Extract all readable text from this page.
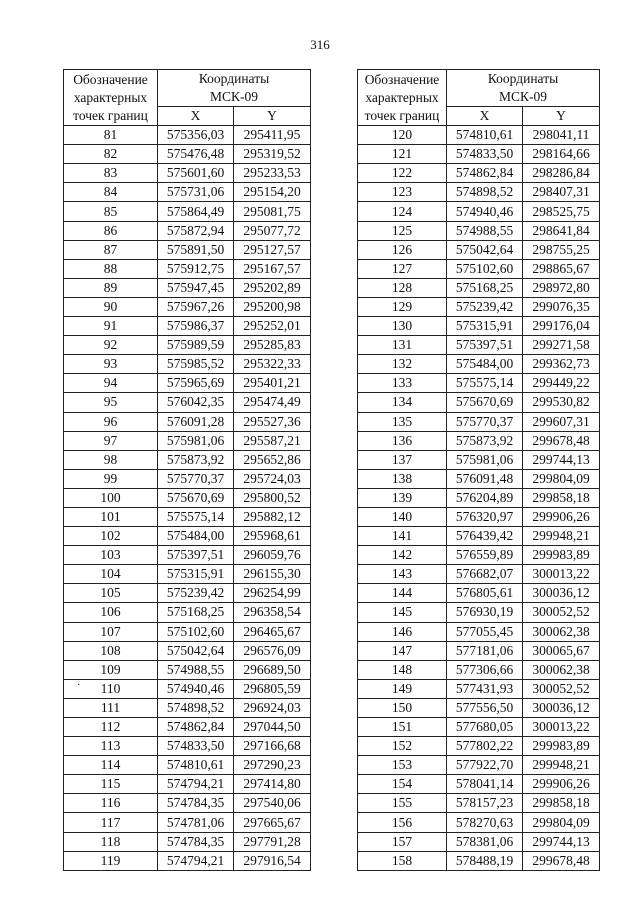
316
Обозначение
характерных
точек границ	Координаты
МСК-09	

	X	Y
81	575356,03	295411,95
82	575476,48	295319,52
83	575601,60	295233,53
84	575731,06	295154,20
85	575864,49	295081,75
86	575872,94	295077,72
87	575891,50	295127,57
88	575912,75	295167,57
89	575947,45	295202,89
90	575967,26	295200,98
91	575986,37	295252,01
92	575989,59	295285,83
93	575985,52	295322,33
94	575965,69	295401,21
95	576042,35	295474,49
96	576091,28	295527,36
97	575981,06	295587,21
98	575873,92	295652,86
99	575770,37	295724,03
100	575670,69	295800,52
101	575575,14	295882,12
102	575484,00	295968,61
103	575397,51	296059,76
104	575315,91	296155,30
105	575239,42	296254,99
106	575168,25	296358,54
107	575102,60	296465,67
108	575042,64	296576,09
109	574988,55	296689,50
110	574940,46	296805,59
111	574898,52	296924,03
112	574862,84	297044,50
113	574833,50	297166,68
114	574810,61	297290,23
115	574794,21	297414,80
116	574784,35	297540,06
117	574781,06	297665,67
118	574784,35	297791,28
119	574794,21	297916,54
Обозначение
характерных
точек границ	Координаты
МСК-09	

	X	Y
120	574810,61	298041,11
121	574833,50	298164,66
122	574862,84	298286,84
123	574898,52	298407,31
124	574940,46	298525,75
125	574988,55	298641,84
126	575042,64	298755,25
127	575102,60	298865,67
128	575168,25	298972,80
129	575239,42	299076,35
130	575315,91	299176,04
131	575397,51	299271,58
132	575484,00	299362,73
133	575575,14	299449,22
134	575670,69	299530,82
135	575770,37	299607,31
136	575873,92	299678,48
137	575981,06	299744,13
138	576091,48	299804,09
139	576204,89	299858,18
140	576320,97	299906,26
141	576439,42	299948,21
142	576559,89	299983,89
143	576682,07	300013,22
144	576805,61	300036,12
145	576930,19	300052,52
146	577055,45	300062,38
147	577181,06	300065,67
148	577306,66	300062,38
149	577431,93	300052,52
150	577556,50	300036,12
151	577680,05	300013,22
152	577802,22	299983,89
153	577922,70	299948,21
154	578041,14	299906,26
155	578157,23	299858,18
156	578270,63	299804,09
157	578381,06	299744,13
158	578488,19	299678,48
·
